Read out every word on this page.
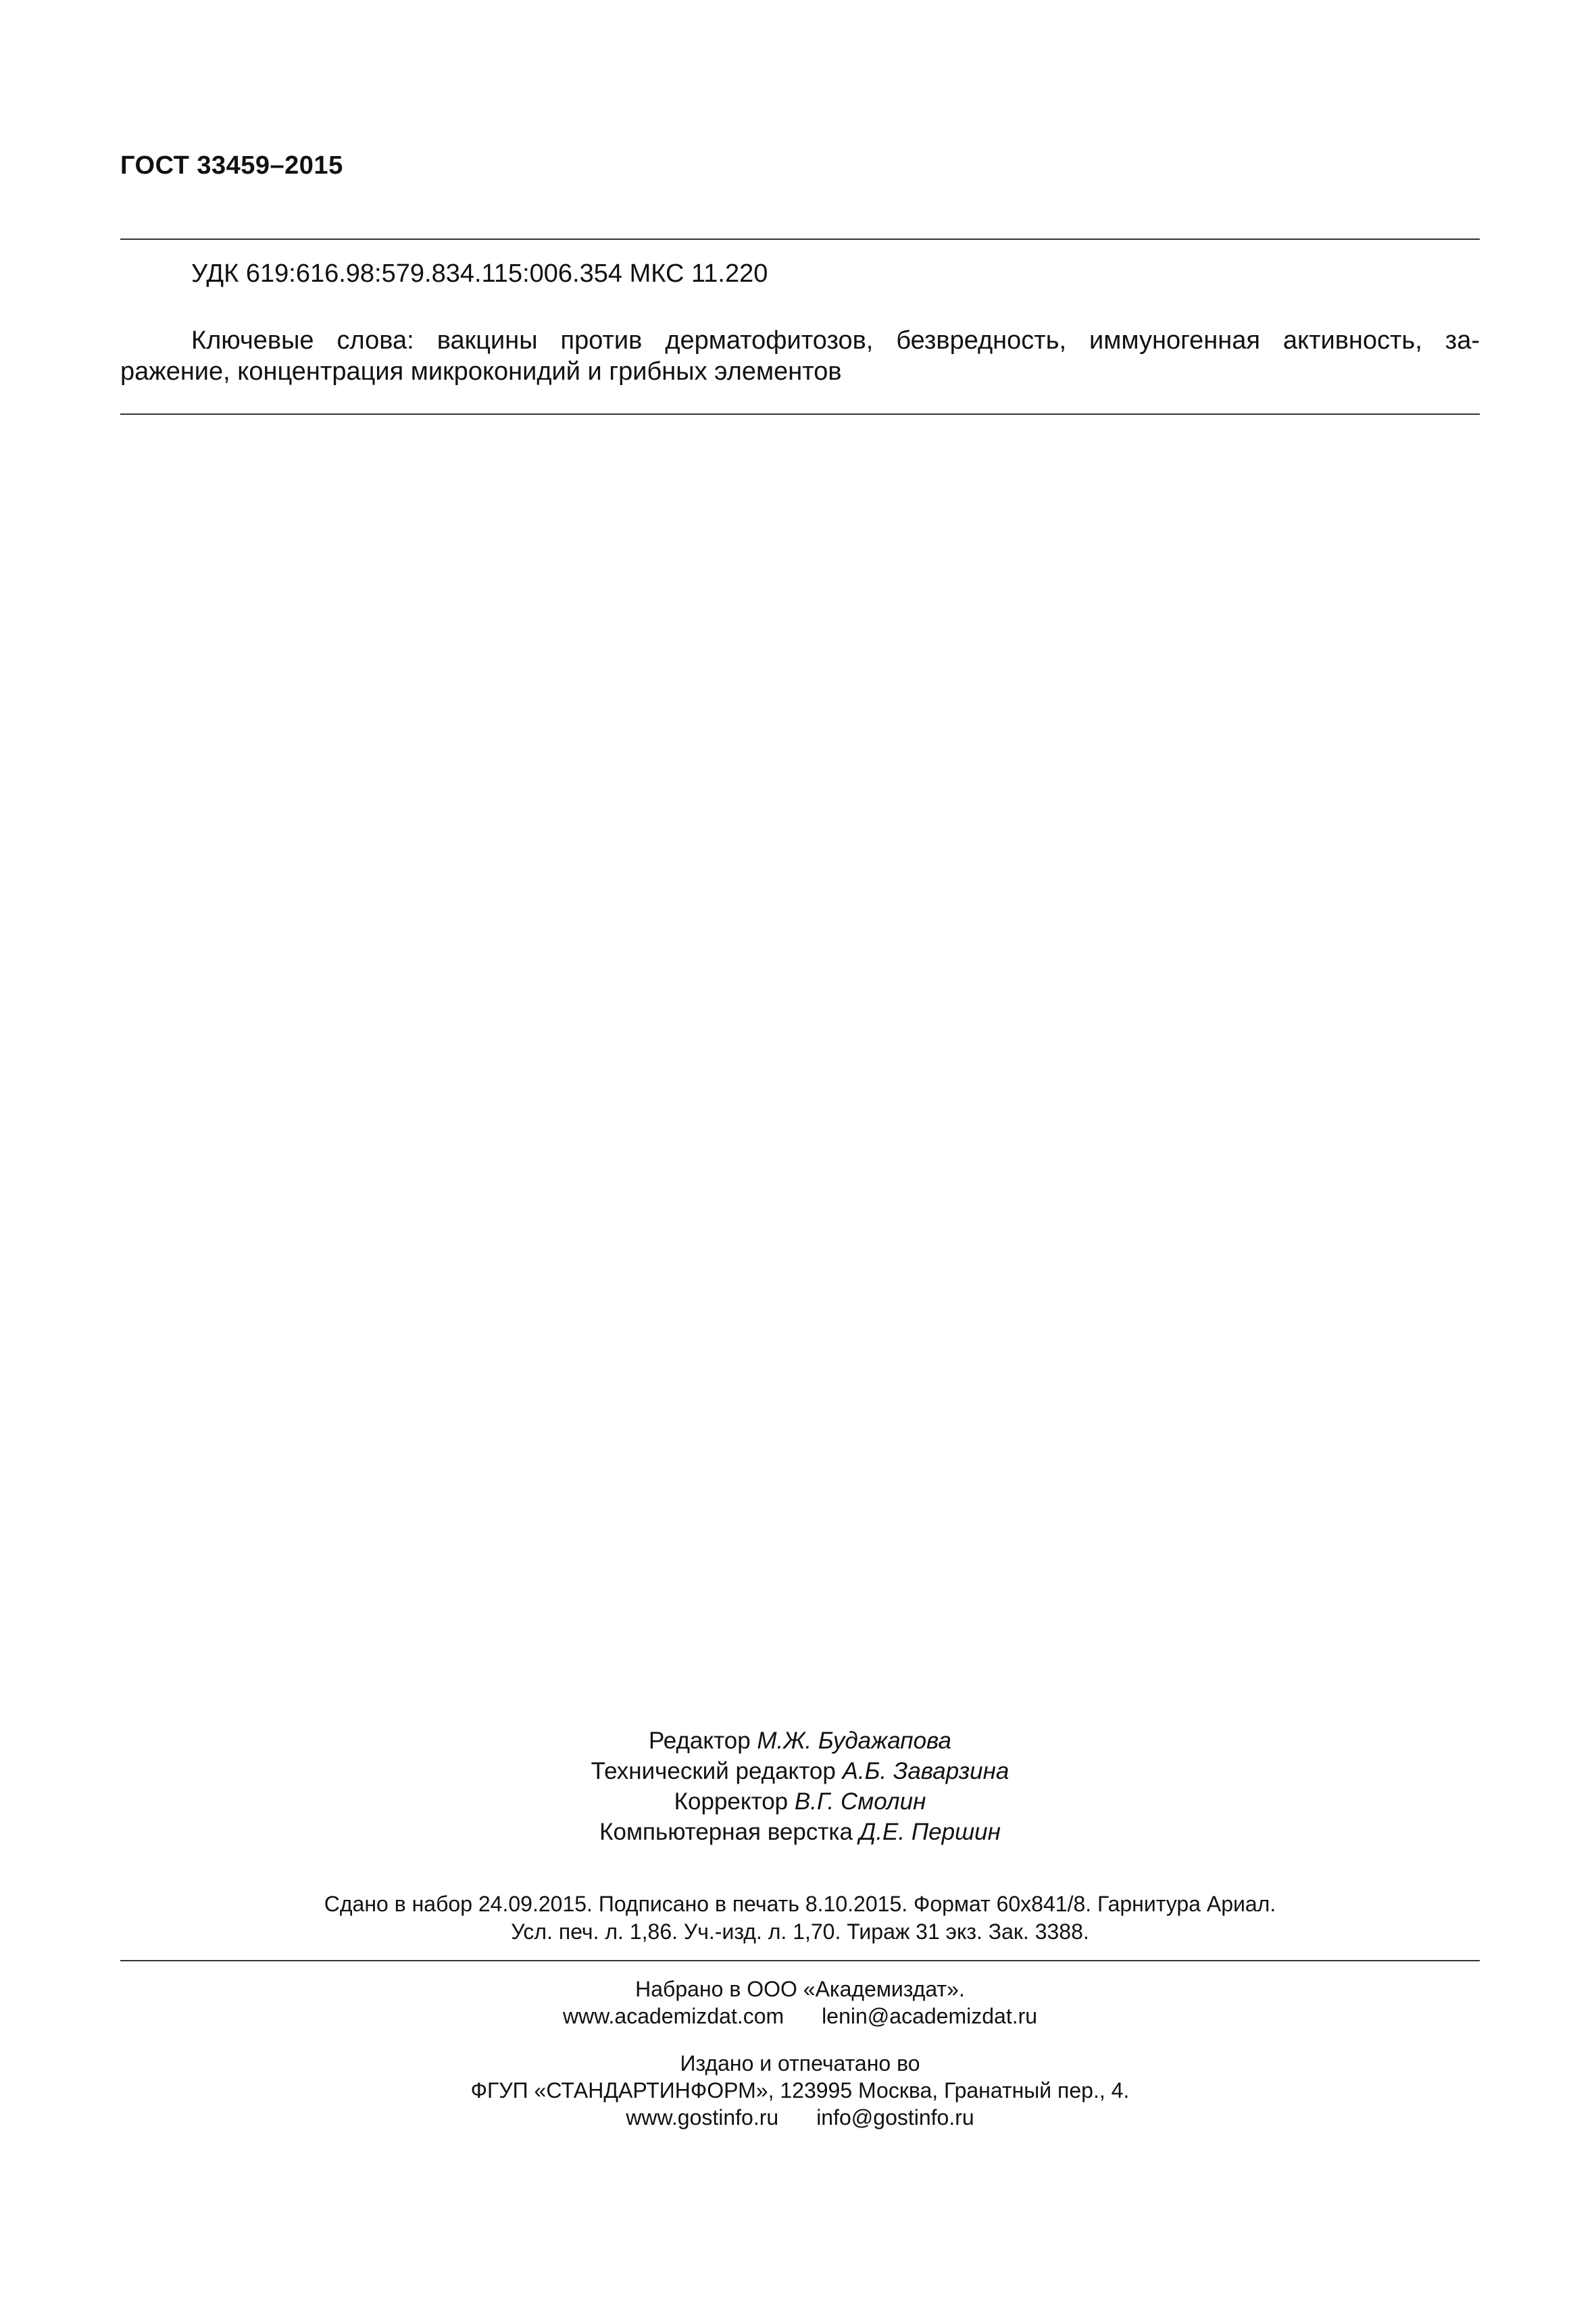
ГОСТ 33459–2015
УДК 619:616.98:579.834.115:006.354 МКС 11.220
Ключевые слова: вакцины против дерматофитозов, безвредность, иммуногенная активность, за-
ражение, концентрация микроконидий и грибных элементов
Редактор М.Ж. Будажапова
Технический редактор А.Б. Заварзина
Корректор В.Г. Смолин
Компьютерная верстка Д.Е. Першин
Сдано в набор 24.09.2015. Подписано в печать 8.10.2015. Формат 60х841/8. Гарнитура Ариал.
Усл. печ. л. 1,86. Уч.-изд. л. 1,70. Тираж 31 экз. Зак. 3388.
Набрано в ООО «Академиздат».
www.academizdat.com lenin@academizdat.ru
Издано и отпечатано во
ФГУП «СТАНДАРТИНФОРМ», 123995 Москва, Гранатный пер., 4.
www.gostinfo.ru info@gostinfo.ru
